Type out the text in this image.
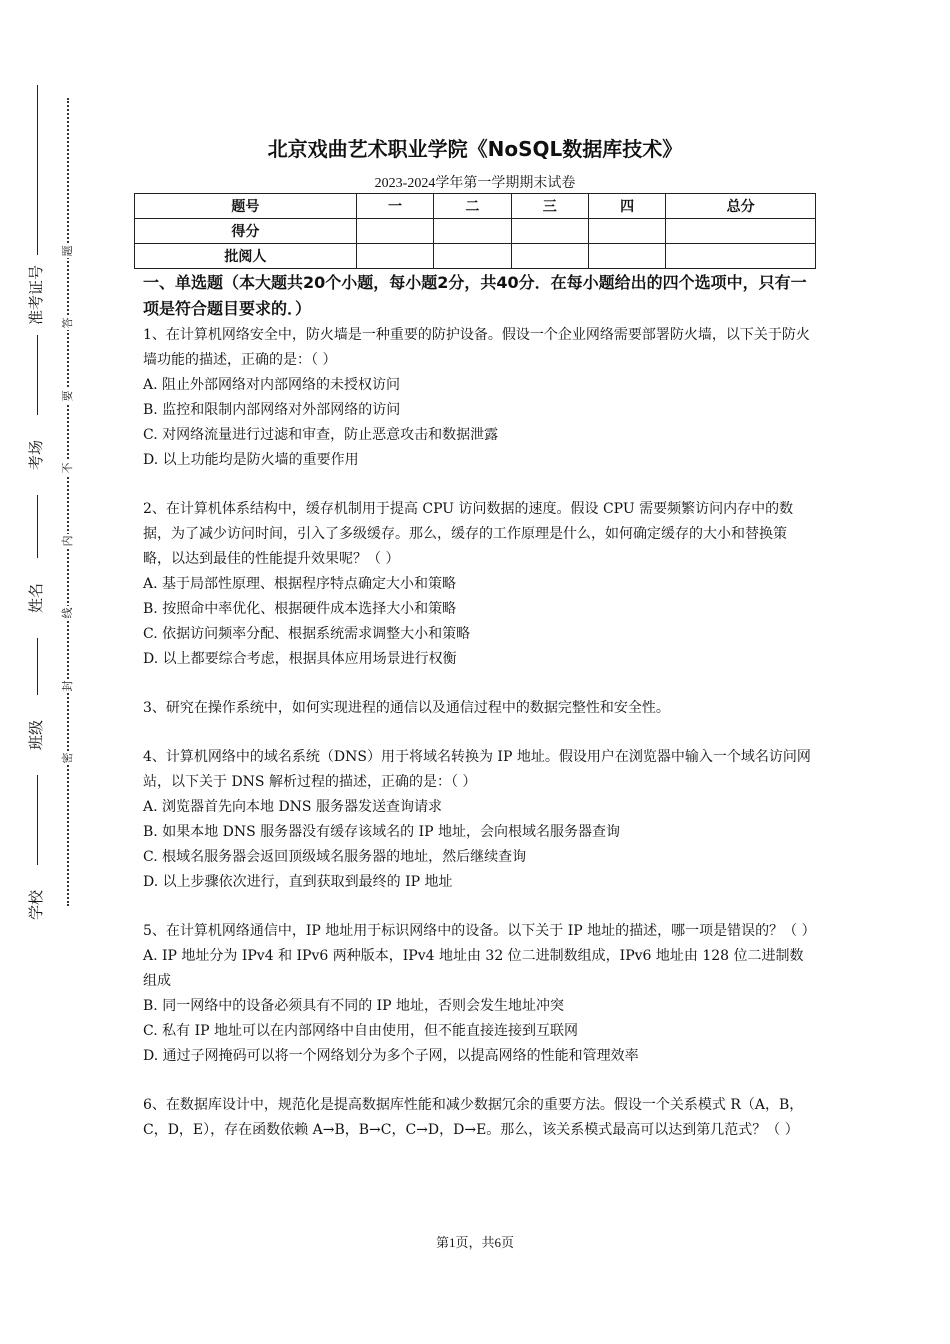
准考证号
考场
姓名
班级
学校
题
答
要
不
内
线
封
密
北京戏曲艺术职业学院《NoSQL数据库技术》
2023-2024学年第一学期期末试卷
题号	一	二	三	四	总分
得分					
批阅人					

一、单选题（本大题共20个小题，每小题2分，共40分．在每小题给出的四个选项中，只有一项是符合题目要求的．）

1、在计算机网络安全中，防火墙是一种重要的防护设备。假设一个企业网络需要部署防火墙，以下关于防火墙功能的描述，正确的是：（ ）

A. 阻止外部网络对内部网络的未授权访问

B. 监控和限制内部网络对外部网络的访问

C. 对网络流量进行过滤和审查，防止恶意攻击和数据泄露

D. 以上功能均是防火墙的重要作用

2、在计算机体系结构中，缓存机制用于提高 CPU 访问数据的速度。假设 CPU 需要频繁访问内存中的数据，为了减少访问时间，引入了多级缓存。那么，缓存的工作原理是什么，如何确定缓存的大小和替换策略，以达到最佳的性能提升效果呢？（ ）

A. 基于局部性原理、根据程序特点确定大小和策略

B. 按照命中率优化、根据硬件成本选择大小和策略

C. 依据访问频率分配、根据系统需求调整大小和策略

D. 以上都要综合考虑，根据具体应用场景进行权衡

3、研究在操作系统中，如何实现进程的通信以及通信过程中的数据完整性和安全性。

4、计算机网络中的域名系统（DNS）用于将域名转换为 IP 地址。假设用户在浏览器中输入一个域名访问网站，以下关于 DNS 解析过程的描述，正确的是：（ ）

A. 浏览器首先向本地 DNS 服务器发送查询请求

B. 如果本地 DNS 服务器没有缓存该域名的 IP 地址，会向根域名服务器查询

C. 根域名服务器会返回顶级域名服务器的地址，然后继续查询

D. 以上步骤依次进行，直到获取到最终的 IP 地址

5、在计算机网络通信中，IP 地址用于标识网络中的设备。以下关于 IP 地址的描述，哪一项是错误的？（ ）

A. IP 地址分为 IPv4 和 IPv6 两种版本，IPv4 地址由 32 位二进制数组成，IPv6 地址由 128 位二进制数组成

B. 同一网络中的设备必须具有不同的 IP 地址，否则会发生地址冲突

C. 私有 IP 地址可以在内部网络中自由使用，但不能直接连接到互联网

D. 通过子网掩码可以将一个网络划分为多个子网，以提高网络的性能和管理效率

6、在数据库设计中，规范化是提高数据库性能和减少数据冗余的重要方法。假设一个关系模式 R（A，B，C，D，E），存在函数依赖 A→B，B→C，C→D，D→E。那么，该关系模式最高可以达到第几范式？（ ）

第1页，共6页
